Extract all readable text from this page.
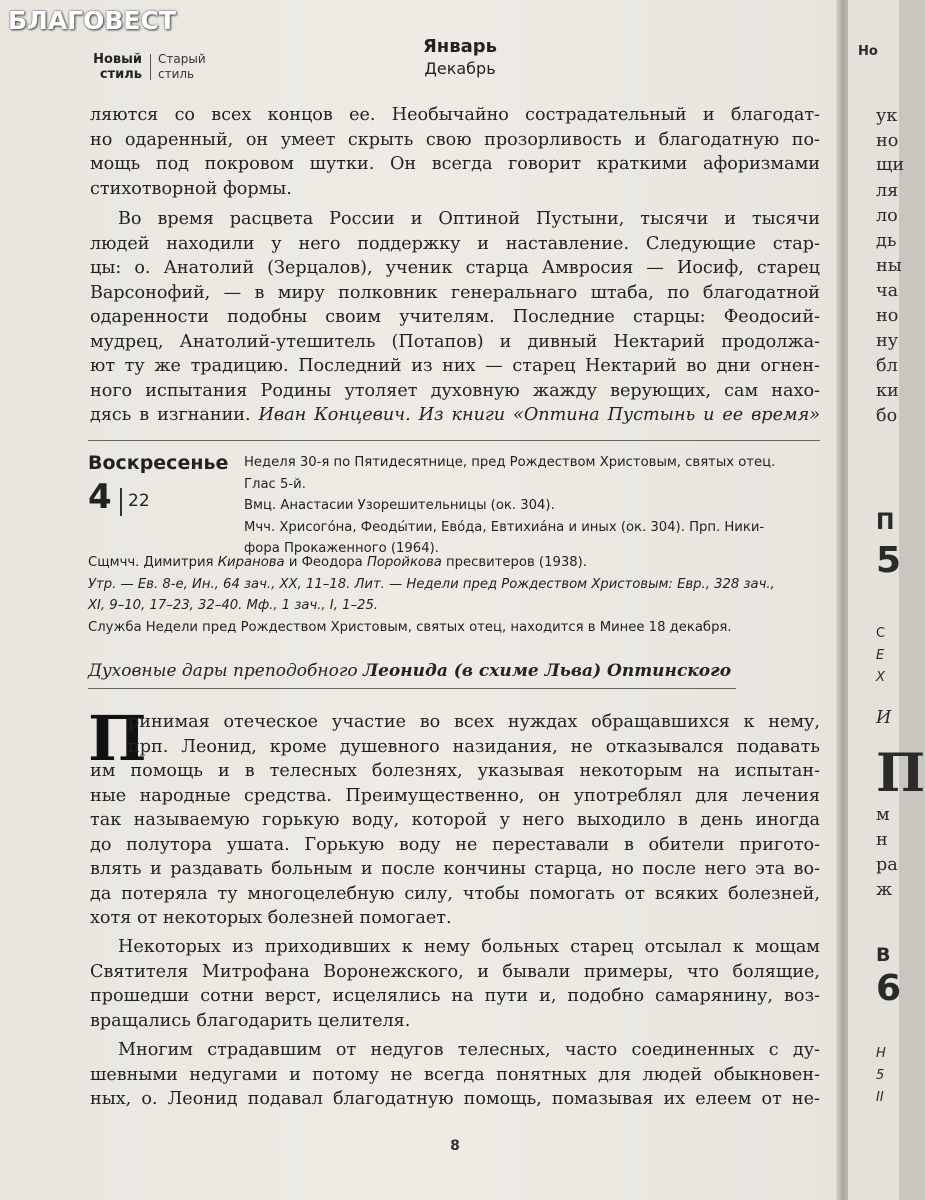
БЛАГОВЕСТ
Новый
стиль
Старый
стиль
Январь
Декабрь
ляются со всех концов ее. Необычайно сострадательный и благодат-
но одаренный, он умеет скрыть свою прозорливость и благодатную по-
мощь под покровом шутки. Он всегда говорит краткими афоризмами
стихотворной формы.
Во время расцвета России и Оптиной Пустыни, тысячи и тысячи
людей находили у него поддержку и наставление. Следующие стар-
цы: о. Анатолий (Зерцалов), ученик старца Амвросия — Иосиф, старец
Варсонофий, — в миру полковник генеральнаго штаба, по благодатной
одаренности подобны своим учителям. Последние старцы: Феодосий-
мудрец, Анатолий-утешитель (Потапов) и дивный Нектарий продолжа-
ют ту же традицию. Последний из них — старец Нектарий во дни огнен-
ного испытания Родины утоляет духовную жажду верующих, сам нахо-
дясь в изгнании. Иван Концевич. Из книги «Оптина Пустынь и ее время»
Воскресенье
4 22
Неделя 30-я по Пятидесятнице, пред Рождеством Христовым, святых отец.
Глас 5-й.
Вмц. Анастасии Узорешительницы (ок. 304).
Мчч. Хрисого́на, Феоды́тии, Ево́да, Евтихиа́на и иных (ок. 304). Прп. Ники-
фора Прокаженного (1964).
Сщмчч. Димитрия Киранова и Феодора Поройкова пресвитеров (1938).
Утр. — Ев. 8-е, Ин., 64 зач., XX, 11–18. Лит. — Недели пред Рождеством Христовым: Евр., 328 зач.,
XI, 9–10, 17–23, 32–40. Мф., 1 зач., I, 1–25.
Служба Недели пред Рождеством Христовым, святых отец, находится в Минее 18 декабря.
Духовные дары преподобного Леонида (в схиме Льва) Оптинского
П
ринимая отеческое участие во всех нуждах обращавшихся к нему,
прп. Леонид, кроме душевного назидания, не отказывался подавать
им помощь и в телесных болезнях, указывая некоторым на испытан-
ные народные средства. Преимущественно, он употреблял для лечения
так называемую горькую воду, которой у него выходило в день иногда
до полутора ушата. Горькую воду не переставали в обители пригото-
влять и раздавать больным и после кончины старца, но после него эта во-
да потеряла ту многоцелебную силу, чтобы помогать от всяких болезней,
хотя от некоторых болезней помогает.
Некоторых из приходивших к нему больных старец отсылал к мощам
Святителя Митрофана Воронежского, и бывали примеры, что болящие,
прошедши сотни верст, исцелялись на пути и, подобно самарянину, воз-
вращались благодарить целителя.
Многим страдавшим от недугов телесных, часто соединенных с ду-
шевными недугами и потому не всегда понятных для людей обыкновен-
ных, о. Леонид подавал благодатную помощь, помазывая их елеем от не-
8
Но
ук
но
щи
ля
ло
дь
ны
ча
но
ну
бл
ки
бо
П
5
С
Е
Х
И
П
м
н
ра
ж
В
6
Н
5
II
